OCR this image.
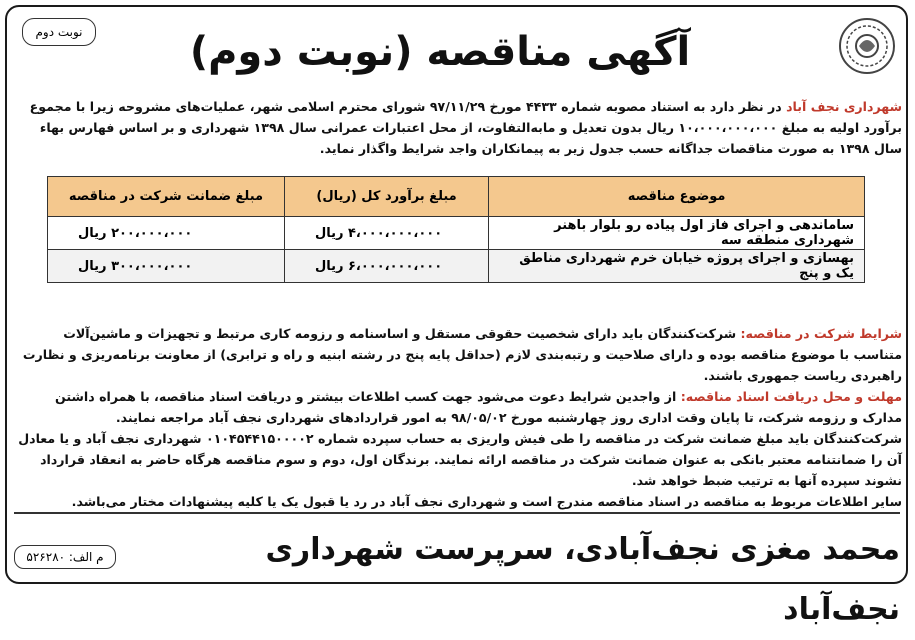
نوبت دوم	آگهی مناقصه (نوبت دوم)
شهرداری نجف آباد در نظر دارد به استناد مصوبه شماره ۴۴۳۳ مورخ ۹۷/۱۱/۲۹ شورای محترم اسلامی شهر، عملیات‌های مشروحه زیرا با مجموع برآورد اولیه به مبلغ ۱۰،۰۰۰،۰۰۰،۰۰۰ ریال بدون تعدیل و مابه‌التفاوت، از محل اعتبارات عمرانی سال ۱۳۹۸ شهرداری و بر اساس فهارس بهاء سال ۱۳۹۸ به صورت مناقصات جداگانه حسب جدول زیر به پیمانکاران واجد شرایط واگذار نماید.
موضوع مناقصه	مبلغ برآورد کل (ریال)	مبلغ ضمانت شرکت در مناقصه
ساماندهی و اجرای فاز اول پیاده رو بلوار باهنر شهرداری منطقه سه	۴،۰۰۰،۰۰۰،۰۰۰ ریال	۲۰۰،۰۰۰،۰۰۰ ریال
بهسازی و اجرای پروژه خیابان خرم شهرداری مناطق یک و پنج	۶،۰۰۰،۰۰۰،۰۰۰ ریال	۳۰۰،۰۰۰،۰۰۰ ریال
شرایط شرکت در مناقصه: شرکت‌کنندگان باید دارای شخصیت حقوقی مستقل و اساسنامه و رزومه کاری مرتبط و تجهیزات و ماشین‌آلات متناسب با موضوع مناقصه بوده و دارای صلاحیت و رتبه‌بندی لازم (حداقل پایه پنج در رشته ابنیه و راه و ترابری) از معاونت برنامه‌ریزی و نظارت راهبردی ریاست جمهوری باشند.
مهلت و محل دریافت اسناد مناقصه: از واجدین شرایط دعوت می‌شود جهت کسب اطلاعات بیشتر و دریافت اسناد مناقصه، با همراه داشتن مدارک و رزومه شرکت، تا پایان وقت اداری روز چهارشنبه مورخ ۹۸/۰۵/۰۲ به امور قراردادهای شهرداری نجف آباد مراجعه نمایند.
شرکت‌کنندگان باید مبلغ ضمانت شرکت در مناقصه را طی فیش واریزی به حساب سپرده شماره ۰۱۰۴۵۴۴۱۵۰۰۰۰۲ شهرداری نجف آباد و یا معادل آن را ضمانتنامه معتبر بانکی به عنوان ضمانت شرکت در مناقصه ارائه نمایند. برندگان اول، دوم و سوم مناقصه هرگاه حاضر به انعقاد قرارداد نشوند سپرده آنها به ترتیب ضبط خواهد شد.
سایر اطلاعات مربوط به مناقصه در اسناد مناقصه مندرج است و شهرداری نجف آباد در رد یا قبول یک یا کلیه پیشنهادات مختار می‌باشد.
محمد مغزی نجف‌آبادی، سرپرست شهرداری نجف‌آباد
م الف: ۵۲۶۲۸۰
